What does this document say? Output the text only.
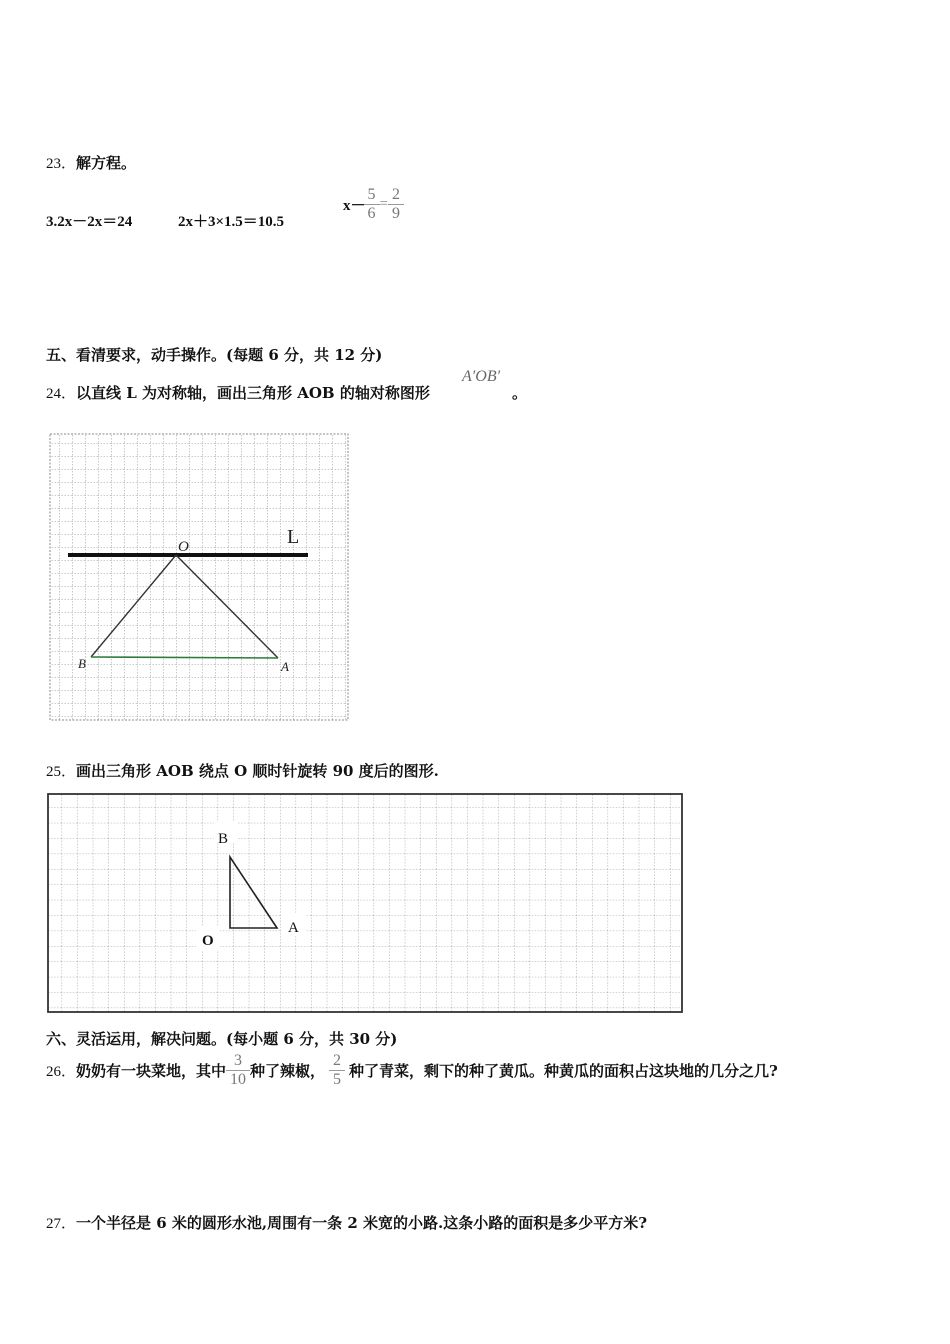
23．解方程。
3.2x－2x＝24	2x＋3×1.5＝10.5
$x- \frac{5}{6} = \frac{2}{9}$
五、看清要求，动手操作。(每题 6 分，共 12 分)
24．以直线 L 为对称轴，画出三角形 AOB 的轴对称图形
A′OB′
。
O	L
B	A
25．画出三角形 AOB 绕点 O 顺时针旋转 90 度后的图形.
B
A
O
六、灵活运用，解决问题。(每小题 6 分，共 30 分)
26． 奶奶有一块菜地，其中 $\frac{3}{10}$ 种了辣椒， $\frac{2}{5}$ 种了青菜，剩下的种了黄瓜。种黄瓜的面积占这块地的几分之几?
27．一个半径是 6 米的圆形水池,周围有一条 2 米宽的小路.这条小路的面积是多少平方米?
